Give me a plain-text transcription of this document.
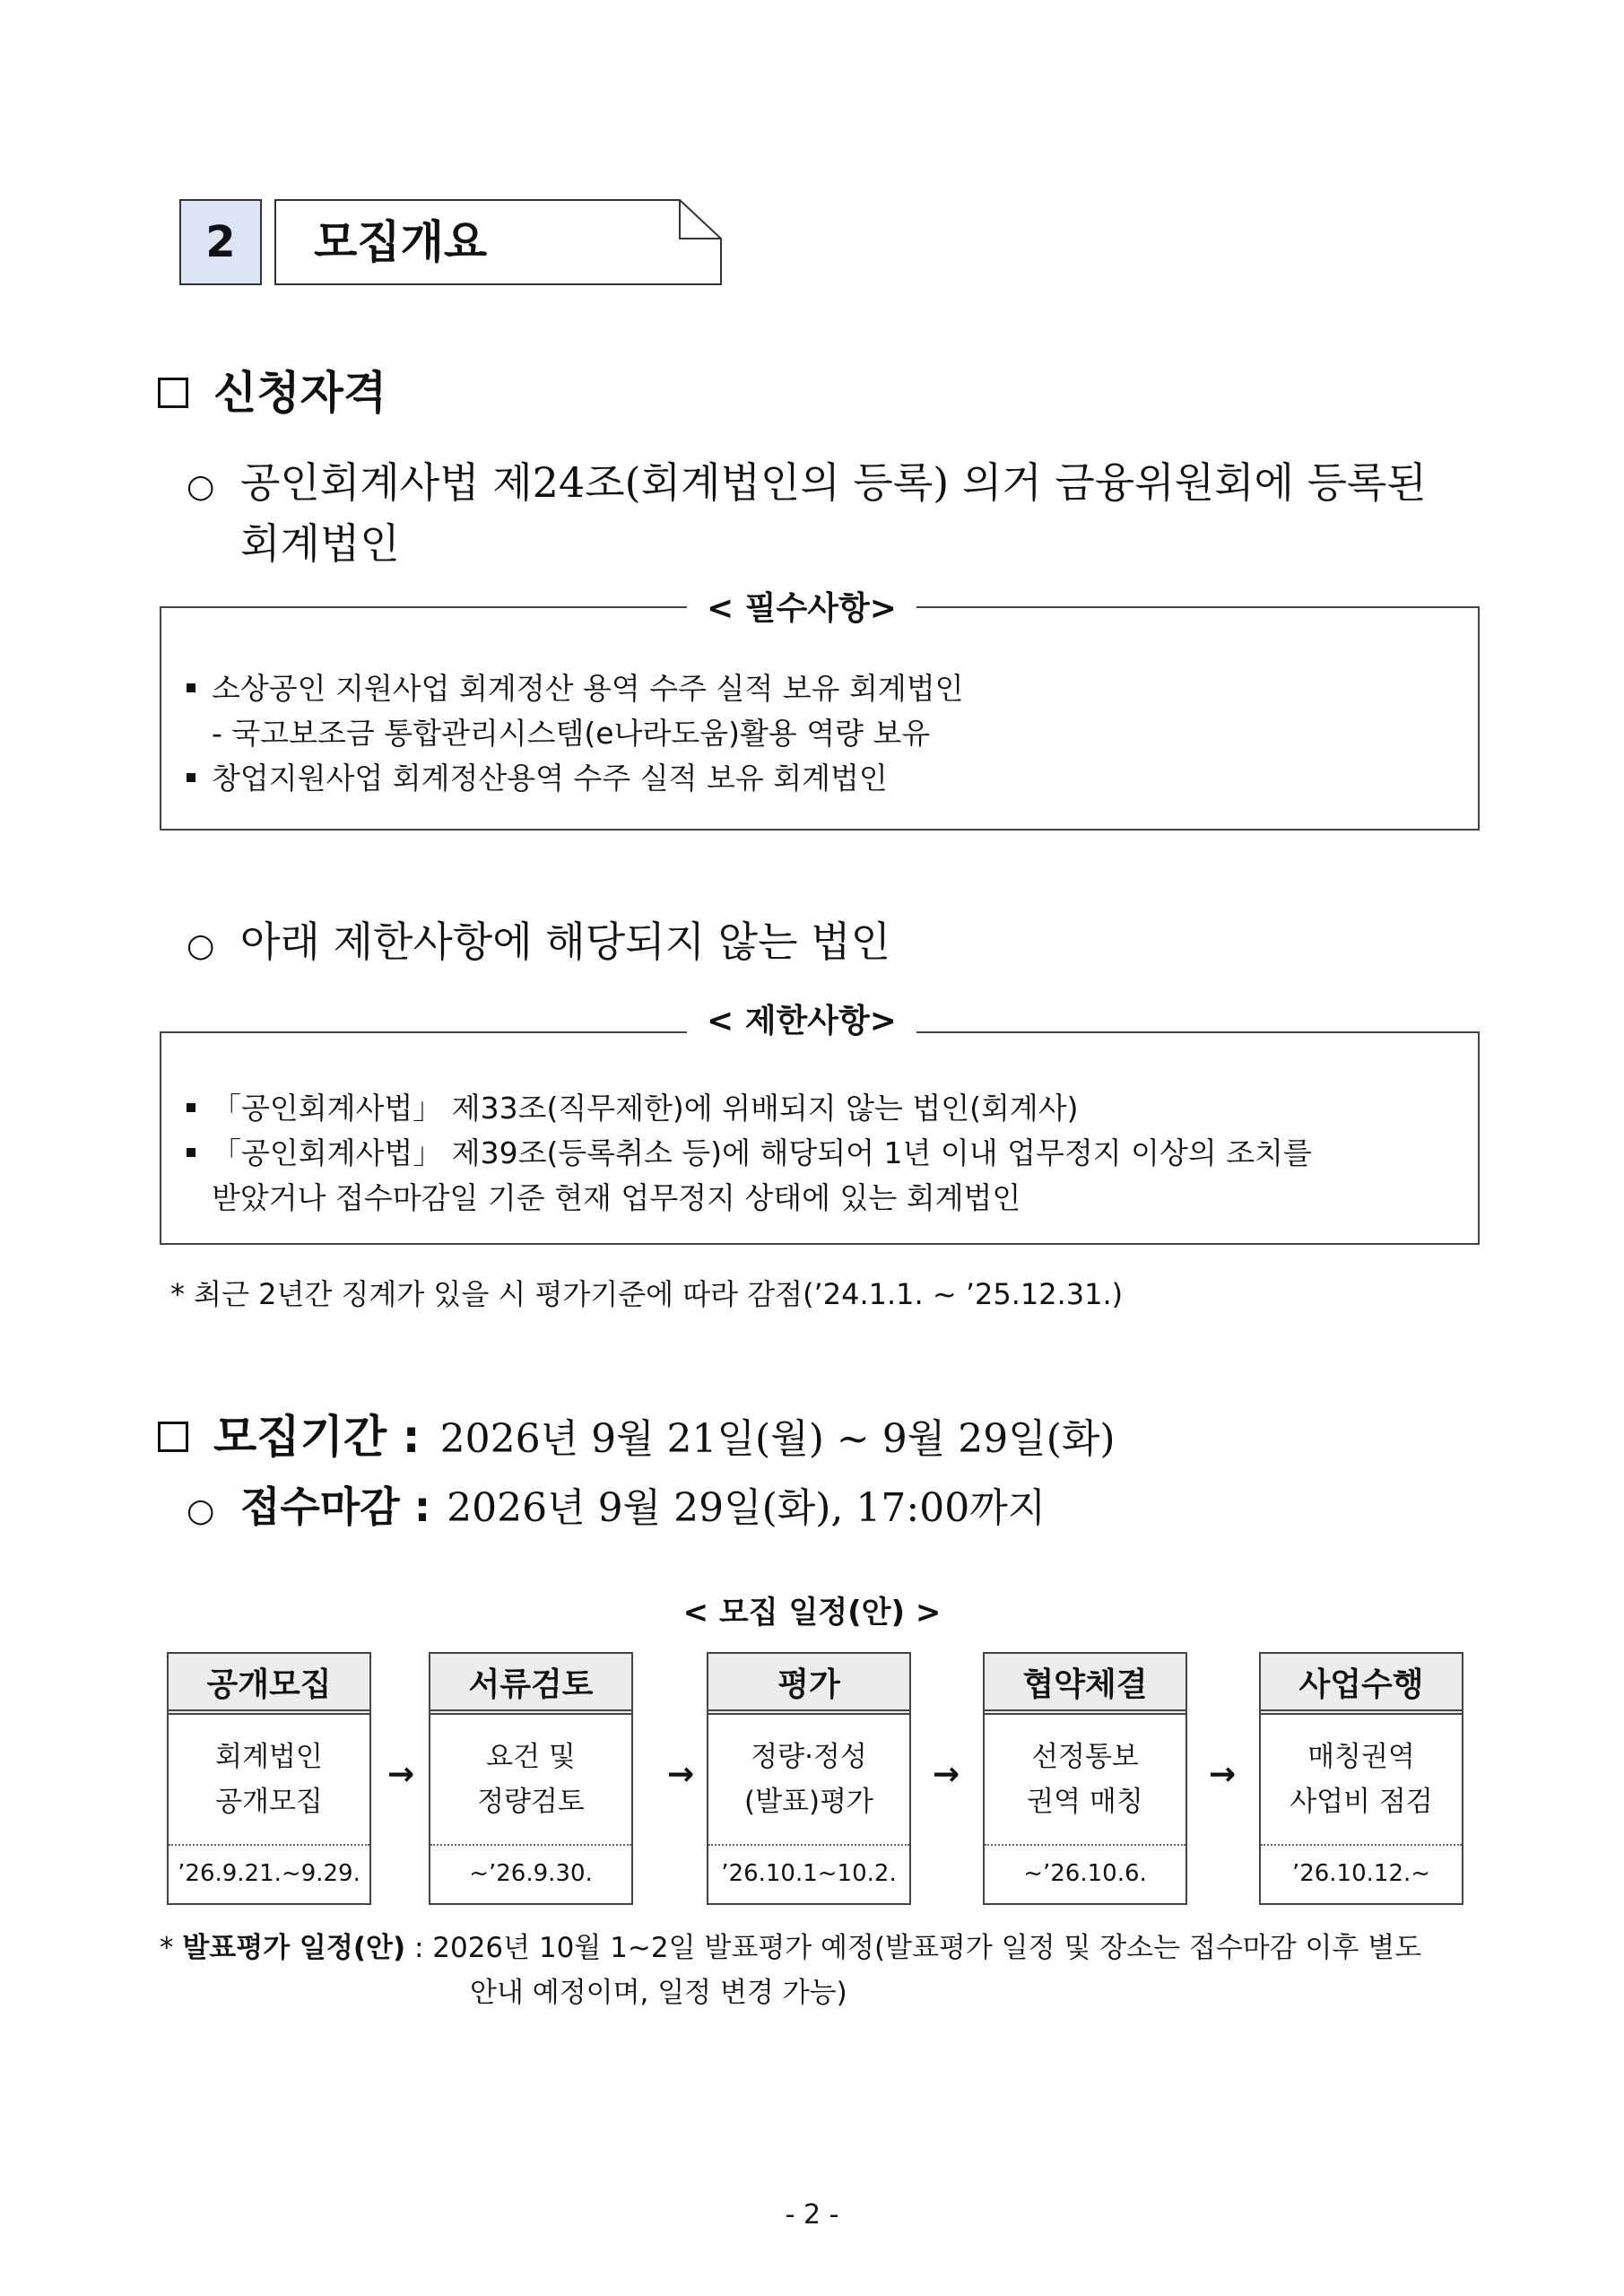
2	모집개요
신청자격
○ 공인회계사법 제24조(회계법인의 등록) 의거 금융위원회에 등록된
회계법인
< 필수사항>
소상공인 지원사업 회계정산 용역 수주 실적 보유 회계법인
- 국고보조금 통합관리시스템(e나라도움)활용 역량 보유
창업지원사업 회계정산용역 수주 실적 보유 회계법인
○ 아래 제한사항에 해당되지 않는 법인
< 제한사항>
「공인회계사법」 제33조(직무제한)에 위배되지 않는 법인(회계사)
「공인회계사법」 제39조(등록취소 등)에 해당되어 1년 이내 업무정지 이상의 조치를
받았거나 접수마감일 기준 현재 업무정지 상태에 있는 회계법인
* 최근 2년간 징계가 있을 시 평가기준에 따라 감점(’24.1.1. ~ ’25.12.31.)
모집기간 : 2026년 9월 21일(월) ~ 9월 29일(화)
○ 접수마감 : 2026년 9월 29일(화), 17:00까지
< 모집 일정(안) >
공개모집
회계법인
공개모집
’26.9.21.~9.29.
→
서류검토
요건 및
정량검토
~’26.9.30.
→
평가
정량·정성
(발표)평가
’26.10.1~10.2.
→
협약체결
선정통보
권역 매칭
~’26.10.6.
→
사업수행
매칭권역
사업비 점검
’26.10.12.~
* 발표평가 일정(안) : 2026년 10월 1~2일 발표평가 예정(발표평가 일정 및 장소는 접수마감 이후 별도
안내 예정이며, 일정 변경 가능)
- 2 -
